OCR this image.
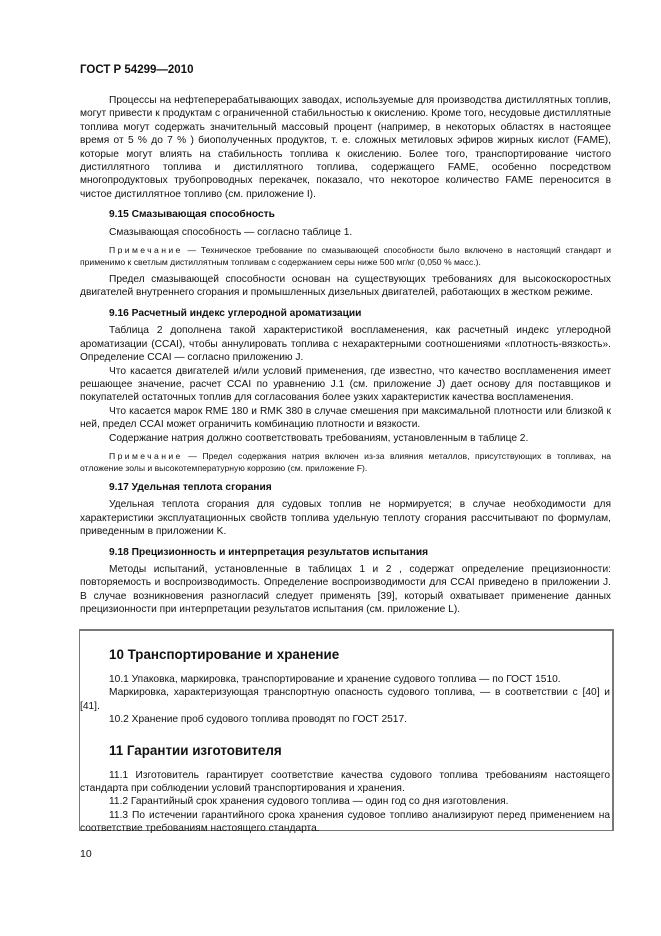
ГОСТ Р 54299—2010

Процессы на нефтеперерабатывающих заводах, используемые для производства дистиллятных топлив, могут привести к продуктам с ограниченной стабильностью к окислению. Кроме того, несудовые дистиллятные топлива могут содержать значительный массовый процент (например, в некоторых областях в настоящее время от 5 % до 7 % ) биополученных продуктов, т. е. сложных метиловых эфиров жирных кислот (FAME), которые могут влиять на стабильность топлива к окислению. Более того, транспортирование чистого дистиллятного топлива и дистиллятного топлива, содержащего FAME, особенно посредством многопродуктовых трубопроводных перекачек, показало, что некоторое количество FAME переносится в чистое дистиллятное топливо (см. приложение I).

9.15 Смазывающая способность

Смазывающая способность — согласно таблице 1.

Примечание — Техническое требование по смазывающей способности было включено в настоящий стандарт и применимо к светлым дистиллятным топливам с содержанием серы ниже 500 мг/кг (0,050 % масс.).

Предел смазывающей способности основан на существующих требованиях для высокоскоростных двигателей внутреннего сгорания и промышленных дизельных двигателей, работающих в жестком режиме.

9.16 Расчетный индекс углеродной ароматизации

Таблица 2 дополнена такой характеристикой воспламенения, как расчетный индекс углеродной ароматизации (CCAI), чтобы аннулировать топлива с нехарактерными соотношениями «плотность-вязкость». Определение CCAI — согласно приложению J.

Что касается двигателей и/или условий применения, где известно, что качество воспламенения имеет решающее значение, расчет CCAI по уравнению J.1 (см. приложение J) дает основу для поставщиков и покупателей остаточных топлив для согласования более узких характеристик качества воспламенения.

Что касается марок RME 180 и RMK 380 в случае смешения при максимальной плотности или близкой к ней, предел CCAI может ограничить комбинацию плотности и вязкости.

Содержание натрия должно соответствовать требованиям, установленным в таблице 2.

Примечание — Предел содержания натрия включен из-за влияния металлов, присутствующих в топливах, на отложение золы и высокотемпературную коррозию (см. приложение F).

9.17 Удельная теплота сгорания

Удельная теплота сгорания для судовых топлив не нормируется; в случае необходимости для характеристики эксплуатационных свойств топлива удельную теплоту сгорания рассчитывают по формулам, приведенным в приложении K.

9.18 Прецизионность и интерпретация результатов испытания

Методы испытаний, установленные в таблицах 1 и 2 , содержат определение прецизионности: повторяемость и воспроизводимость. Определение воспроизводимости для CCAI приведено в приложении J. В случае возникновения разногласий следует применять [39], который охватывает применение данных прецизионности при интерпретации результатов испытания (см. приложение L).

10 Транспортирование и хранение

10.1 Упаковка, маркировка, транспортирование и хранение судового топлива — по ГОСТ 1510.

Маркировка, характеризующая транспортную опасность судового топлива, — в соответствии с [40] и [41].

10.2 Хранение проб судового топлива проводят по ГОСТ 2517.

11 Гарантии изготовителя

11.1 Изготовитель гарантирует соответствие качества судового топлива требованиям настоящего стандарта при соблюдении условий транспортирования и хранения.

11.2 Гарантийный срок хранения судового топлива — один год со дня изготовления.

11.3 По истечении гарантийного срока хранения судовое топливо анализируют перед применением на соответствие требованиям настоящего стандарта.

10
